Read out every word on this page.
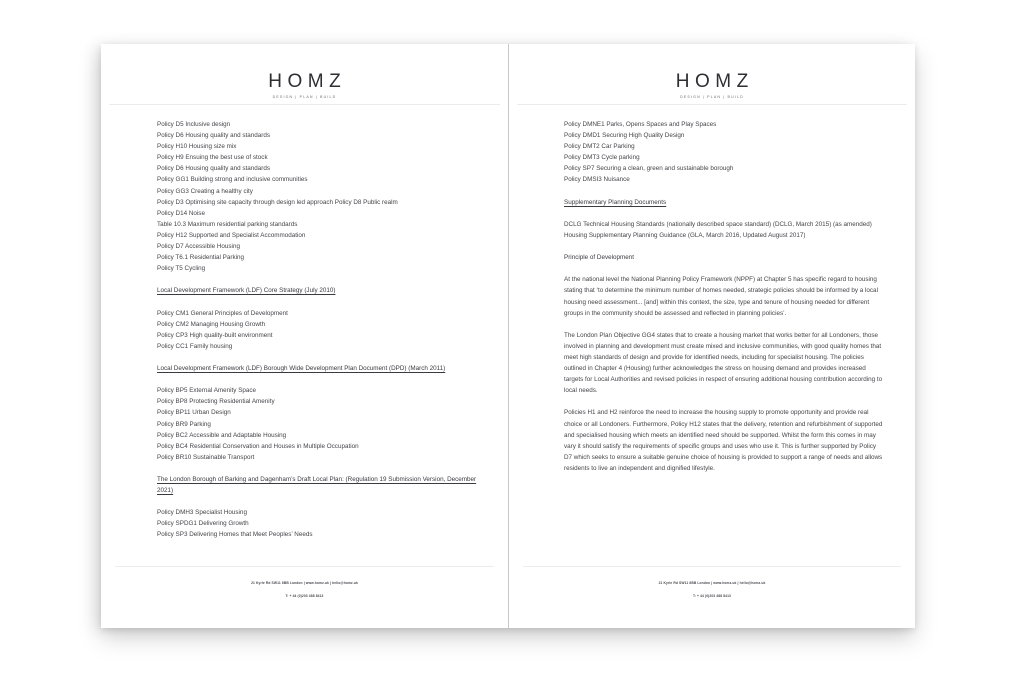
HOMZ
DESIGN | PLAN | BUILD
Policy D5 Inclusive design
Policy D6 Housing quality and standards
Policy H10 Housing size mix
Policy H9 Ensuing the best use of stock
Policy D6 Housing quality and standards
Policy GG1 Building strong and inclusive communities
Policy GG3 Creating a healthy city
Policy D3 Optimising site capacity through design led approach Policy D8 Public realm
Policy D14 Noise
Table 10.3 Maximum residential parking standards
Policy H12 Supported and Specialist Accommodation
Policy D7 Accessible Housing
Policy T6.1 Residential Parking
Policy T5 Cycling
Local Development Framework (LDF) Core Strategy (July 2010)
Policy CM1 General Principles of Development
Policy CM2 Managing Housing Growth
Policy CP3 High quality-built environment
Policy CC1 Family housing
Local Development Framework (LDF) Borough Wide Development Plan Document (DPD) (March 2011)
Policy BP5 External Amenity Space
Policy BP8 Protecting Residential Amenity
Policy BP11 Urban Design
Policy BR9 Parking
Policy BC2 Accessible and Adaptable Housing
Policy BC4 Residential Conservation and Houses in Multiple Occupation
Policy BR10 Sustainable Transport
The London Borough of Barking and Dagenham’s Draft Local Plan: (Regulation 19 Submission Version, December 2021)
Policy DMH3 Specialist Housing
Policy SPDG1 Delivering Growth
Policy SP3 Delivering Homes that Meet Peoples’ Needs
21 Kyrle Rd SW11 6BB London | www.homz.uk | hello@homz.uk
T: + 44 (0)203 488 8413
HOMZ
DESIGN | PLAN | BUILD
Policy DMNE1 Parks, Opens Spaces and Play Spaces
Policy DMD1 Securing High Quality Design
Policy DMT2 Car Parking
Policy DMT3 Cycle parking
Policy SP7 Securing a clean, green and sustainable borough
Policy DMSI3 Nuisance
Supplementary Planning Documents

DCLG Technical Housing Standards (nationally described space standard) (DCLG, March 2015) (as amended)

Housing Supplementary Planning Guidance (GLA, March 2016, Updated August 2017)

Principle of Development

At the national level the National Planning Policy Framework (NPPF) at Chapter 5 has specific regard to housing stating that ‘to determine the minimum number of homes needed, strategic policies should be informed by a local housing need assessment... [and] within this context, the size, type and tenure of housing needed for different groups in the community should be assessed and reflected in planning policies’.

The London Plan Objective GG4 states that to create a housing market that works better for all Londoners, those involved in planning and development must create mixed and inclusive communities, with good quality homes that meet high standards of design and provide for identified needs, including for specialist housing. The policies outlined in Chapter 4 (Housing) further acknowledges the stress on housing demand and provides increased targets for Local Authorities and revised policies in respect of ensuring additional housing contribution according to local needs.

Policies H1 and H2 reinforce the need to increase the housing supply to promote opportunity and provide real choice or all Londoners. Furthermore, Policy H12 states that the delivery, retention and refurbishment of supported and specialised housing which meets an identified need should be supported. Whilst the form this comes in may vary it should satisfy the requirements of specific groups and uses who use it. This is further supported by Policy D7 which seeks to ensure a suitable genuine choice of housing is provided to support a range of needs and allows residents to live an independent and dignified lifestyle.

21 Kyrle Rd SW11 6BB London | www.homz.uk | hello@homz.uk
T: + 44 (0)203 488 8413
